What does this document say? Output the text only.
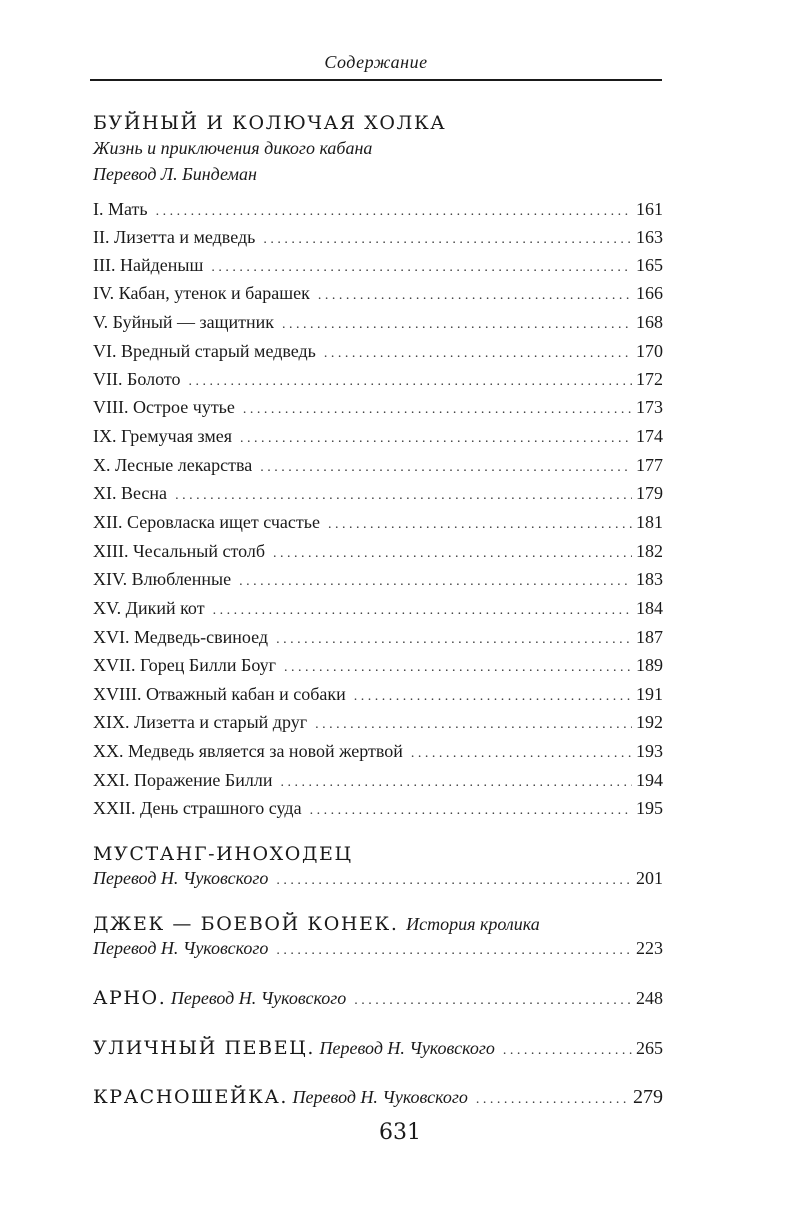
Содержание
БУЙНЫЙ И КОЛЮЧАЯ ХОЛКА
Жизнь и приключения дикого кабана
Перевод Л. Биндеман
I. Мать . . .	161
II. Лизетта и медведь . . .	163
III. Найденыш . . .	165
IV. Кабан, утенок и барашек . . .	166
V. Буйный — защитник . . .	168
VI. Вредный старый медведь . . .	170
VII. Болото . . .	172
VIII. Острое чутье . . .	173
IX. Гремучая змея . . .	174
X. Лесные лекарства . . .	177
XI. Весна . . .	179
XII. Серовласка ищет счастье . . .	181
XIII. Чесальный столб . . .	182
XIV. Влюбленные . . .	183
XV. Дикий кот . . .	184
XVI. Медведь-свиноед . . .	187
XVII. Горец Билли Боуг . . .	189
XVIII. Отважный кабан и собаки . . .	191
XIX. Лизетта и старый друг . . .	192
XX. Медведь является за новой жертвой . . .	193
XXI. Поражение Билли . . .	194
XXII. День страшного суда . . .	195
МУСТАНГ-ИНОХОДЕЦ
Перевод Н. Чуковского . . .	201
ДЖЕК — БОЕВОЙ КОНЕК. История кролика
Перевод Н. Чуковского . . .	223
АРНО. Перевод Н. Чуковского . . .	248
УЛИЧНЫЙ ПЕВЕЦ. Перевод Н. Чуковского . . .	265
КРАСНОШЕЙКА. Перевод Н. Чуковского . . .	279
631
